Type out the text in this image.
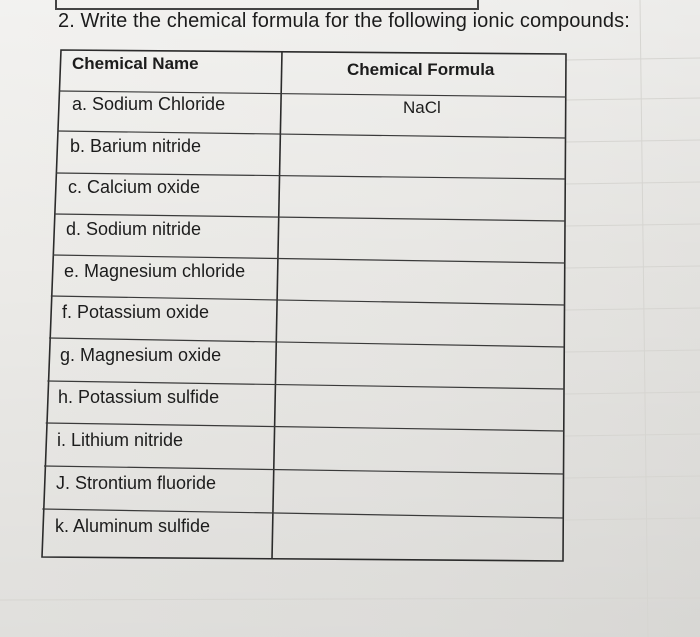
2. Write the chemical formula for the following ionic compounds:
Chemical Name	Chemical Formula
a. Sodium Chloride	NaCl
b. Barium nitride
c. Calcium oxide
d. Sodium nitride
e. Magnesium chloride
f. Potassium oxide
g. Magnesium oxide
h. Potassium sulfide
i. Lithium nitride
J. Strontium fluoride
k. Aluminum sulfide
